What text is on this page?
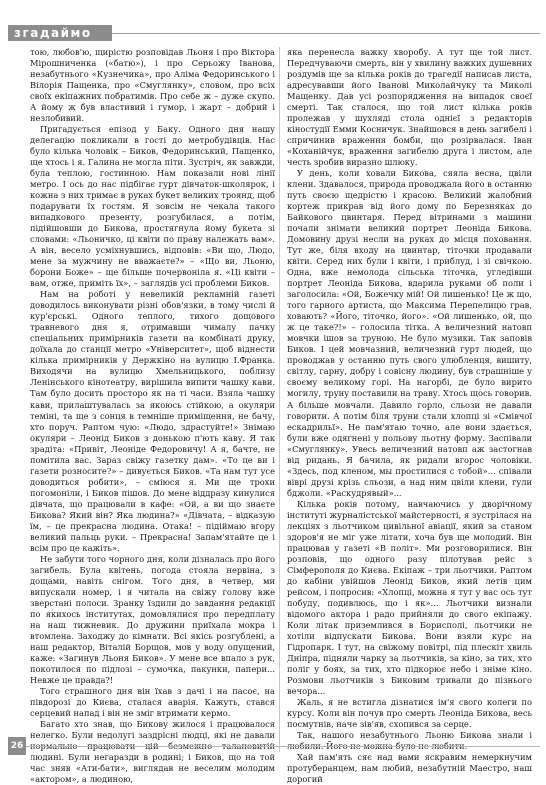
згадаймо

тою, любов'ю, щирістю розповідав Льоня і про Віктора Мірошниченка («батю»), і про Серьожу Іванова, незабутнього «Кузнечика», про Аліма Федоринського і Вілорія Пащенка, про «Смуглянку», словом, про всіх своїх екіпажних побратимів. Про себе ж – дуже скупо. А йому ж був властивий і гумор, і жарт – добрий і незлобивий.

Пригадується епізод у Баку. Одного дня нашу делегацію покликали в гості до метробудівців. Нас було кілька чоловік – Биков, Федоринський, Пащенко, ще хтось і я. Галина не могла піти. Зустріч, як завжди, була теплою, гостинною. Нам показали нові лінії метро. І ось до нас підбігає гурт дівчаток-школярок, і кожна з них тримає в руках букет великих троянд, щоб подарувати їх гостям. Я зовсім не чекала такого випадкового презенту, розгубилася, а потім, підійшовши до Бикова, простягнула йому букета зі словами: «Льоничко, ці квіти по праву належать вам». А він, весело усміхнувшись, відповів: «Ви що, Людо, мене за мужчину не вважаєте?» – «Що ви, Льоню, борони Боже» – ще більше почервоніла я. «Ці квіти – вам, отже, приміть їх», – заглядів усі проблеми Биков.

Нам на роботі у невеликій рекламній газеті доводилось виконувати різні обов'язки, в тому числі й кур'єрські. Одного теплого, тихого дощового травневого дня я, отримавши чималу пачку спеціальних примірників газети на комбінаті друку, доїхала до станції метро «Університет», щоб віднести кілька примірників у Держкіно на вулицю І.Франка. Виходячи на вулицю Хмельницького, поблизу Ленінського кінотеатру, вирішила випити чашку кави. Там було досить просторо як на ті часи. Взяла чашку кави, прилаштувалась за якоюсь стійкою, а окуляри теміні, та ще з сонця в темніше приміщення, не бачу, хто поруч. Раптом чую: «Людо, здрастуйте!» Знімаю окуляри – Леонід Биков з донькою п'ють каву. Я так зрадіта: «Привіт, Леоніде Федоровичу! А я, бачте, не помітила вас. Зараз свіжу газетку дам». «То це ви і газети розносите?» – дивується Биков. «Та нам тут усе доводиться робити», – сміюся я. Ми ще трохи погомоніли, і Биков пішов. До мене віддразу кинулися дівчата, що працювали в кафе: «Ой, а ви що знаєте Бикова? Який він? Яка людина?» «Дівчата, – відказую їм, – це прекрасна людина. Отака! – підіймаю вгору великий пальць руки. – Прекрасна! Запам'ятайте це і всім про це кажіть».

Не забути того чорного дня, коли дізналась про його загибель. Була квітень, погода стояла нервіна, з дощами, навіть снігом. Того дня, в четвер, ми випускали номер, і я читала на свіжу голову вже зверстані полоси. Зранку їздили до завдання редакції по якихось інститутах, домовлялися про передплату на наш тижневик. До дружини приїхала мокра і втомлена. Заходжу до кімнати. Всі якісь розгублені, а наш редактор, Віталій Борщов, мов у воду опущений, каже: «Загинув Льоня Биков». У мене все впало з рук, покотилося по підлозі – сумочка, пакунки, папери... Невже це правда?!

Того страшного дня він їхав з дачі і на пасоє, на півдорозі до Києва, сталася аварія. Кажуть, стався серцевий напад і він не зміг втримати кермо.

Багато хто знав, що Бикову жилося і працювалося нелегко. Були недолугі заздрісні людці, які не давали нормально працювати цій безмежно талановитій людині. Були негаразди в родині; і Биков, що на той час зняв «Ати-бати», виглядав не веселим молодим «актором», а людиною,

яка перенесла важку хворобу. А тут ще той лист. Передчуваючи смерть, він у хвилину важких душевних роздумів ще за кілька років до трагедії написав листа, адресувавши його Іванові Миколайчуку та Миколі Мащенку. Дав усі розпорядження на випадок своєї смерті. Так сталося, що той лист кілька років пролежав у шухляді стола однієї з редакторів кіностудії Емми Косничук. Знайшовся в день загибелі і спричинив враження бомби, що розірвалася. Іван «Коханійчук, враження загибелю друга і листом, але честь зробив виразно шлюку.

У день, коли ховали Бикова, сяяла весна, цвіли клени. Здавалося, природа проводжала його в останню путь своєю щедрістю і красою. Великий жалобний кортеж прикрав від його дому по Березняках до Байкового цвинтаря. Перед вітринами з машини почали знімати великий портрет Леоніда Бикова. Домовину друзі несли на руках до місця поховання. Тут же, біля входу на цвинтар, тіточки продавали квіти. Серед них були і квіти, і приблуд, і зі свічкою. Одна, вже немолода сільська тіточка, угледівши портрет Леоніда Бикова, вдарила руками об поли і заголосила: «Ой, Божечку мій! Ой лишенько! Це ж що, того гарного артиста, що Максима Перепелицю грав, ховають? «Його, тіточко, його». «Ой лишенько, ой, що ж це таке?!» – голосила тітка. А величезний натовп мовчки ішов за труною. Не було музики. Так заповів Биков. І цей мовчазний, величезний гурт людей, що проводжав у останню путь свого улюбленця, вишиту, світлу, гарну, добру і совісну людину, був страшніше у своєму великому горі. На нагорбі, де було вирито могилу, труну поставили на траву. Хтось щось говорив. А більше мовчали. Давило горло, сльози не давали говорити. А потім біля труни стали хлопці зі «Смівчої ескадрильї». Не пам'ятаю точно, але вони здається, були вже одягнені у польову льотну форму. Заспівали «Смуглянку». Увесь величезний натовп аж застогнав від ридань. Я бачила, як ридали вгорос чоловіки. «Здесь, под кленом, мы простилися с тобой»... співали віврі друзі крізь сльози, а над ним цвіли клени, гули бджоли. «Раскудрявый»...

Кілька років потому, навчаючись у дворічному інституті журналістської майстерності, я зустрілася на лекціях з льотчиком цивільної авіації, який за станом здоров'я не міг уже літати, хоча був ще молодий. Він працював у газеті «В політ». Ми розговорилися. Він розповів, що одного разу пілотував рейс з Сімферополя до Києва. Екіпаж – три льотчики. Раптом до кабіни увійшов Леонід Биков, який летів цим рейсом, і попросив: «Хлопці, можна я тут у вас ось тут побуду, подивлюсь, що і як»... Льотчики визнали відомого актора і радо прийняли до свого екіпажу. Коли літак приземлився в Борисполі, льотчики не хотіли відпускати Бикова. Вони взяли курс на Гідропарк. І тут, на свіжому повітрі, під плескіт хвиль Дніпра, підняли чарку за льотчиків, за кіно, за тих, хто поліг у боях, за тих, хто підкорює небо і зніме кіно. Розмови льотчиків з Биковим тривали до пізнього вечора...

Жаль, я не встигла дізнатися ім'я свого колеги по курсу. Коли він почув про смерть Леоніда Бикова, весь посмутнів, наче зів'яв, схопився за серце.

Так, нашого незабутнього Льоню Бикова знали і любили. Його не можна було не любити.

Хай пам'ять сяє над вами яскравим немеркнучим протуберанцем, нам любий, незабутній Маестро, наш дорогий

26
